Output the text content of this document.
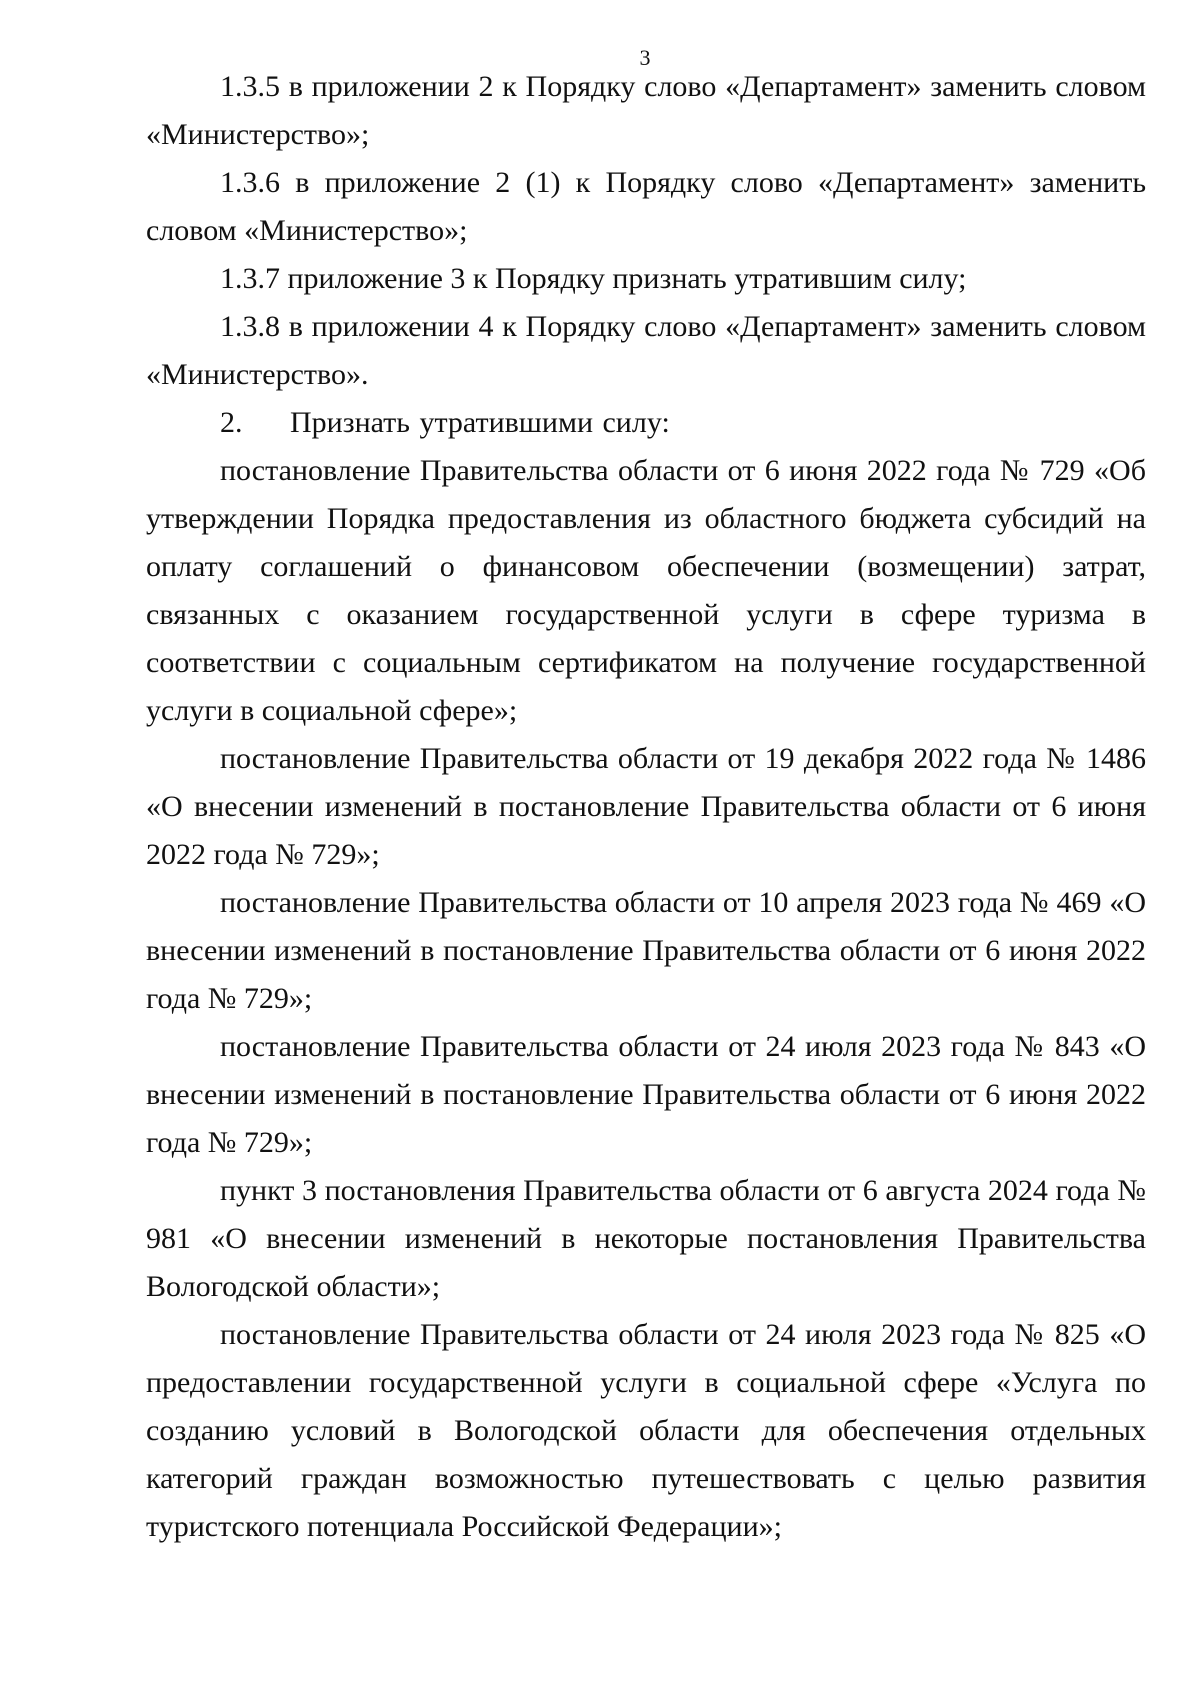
3

1.3.5 в приложении 2 к Порядку слово «Департамент» заменить словом «Министерство»;

1.3.6 в приложение 2 (1) к Порядку слово «Департамент» заменить словом «Министерство»;

1.3.7 приложение 3 к Порядку признать утратившим силу;

1.3.8 в приложении 4 к Порядку слово «Департамент» заменить словом «Министерство».

2. Признать утратившими силу:

постановление Правительства области от 6 июня 2022 года № 729 «Об утверждении Порядка предоставления из областного бюджета субсидий на оплату соглашений о финансовом обеспечении (возмещении) затрат, связанных с оказанием государственной услуги в сфере туризма в соответствии с социальным сертификатом на получение государственной услуги в социальной сфере»;

постановление Правительства области от 19 декабря 2022 года № 1486 «О внесении изменений в постановление Правительства области от 6 июня 2022 года № 729»;

постановление Правительства области от 10 апреля 2023 года № 469 «О внесении изменений в постановление Правительства области от 6 июня 2022 года № 729»;

постановление Правительства области от 24 июля 2023 года № 843 «О внесении изменений в постановление Правительства области от 6 июня 2022 года № 729»;

пункт 3 постановления Правительства области от 6 августа 2024 года № 981 «О внесении изменений в некоторые постановления Правительства Вологодской области»;

постановление Правительства области от 24 июля 2023 года № 825 «О предоставлении государственной услуги в социальной сфере «Услуга по созданию условий в Вологодской области для обеспечения отдельных категорий граждан возможностью путешествовать с целью развития туристского потенциала Российской Федерации»;
